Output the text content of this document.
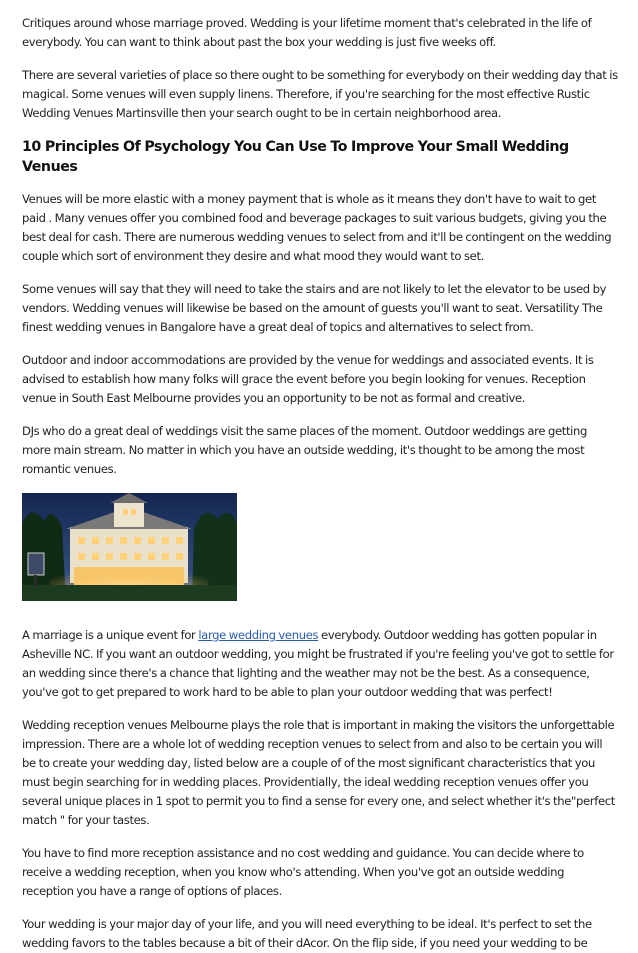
Critiques around whose marriage proved. Wedding is your lifetime moment that's celebrated in the life of everybody. You can want to think about past the box your wedding is just five weeks off.

There are several varieties of place so there ought to be something for everybody on their wedding day that is magical. Some venues will even supply linens. Therefore, if you're searching for the most effective Rustic Wedding Venues Martinsville then your search ought to be in certain neighborhood area.

10 Principles Of Psychology You Can Use To Improve Your Small Wedding Venues

Venues will be more elastic with a money payment that is whole as it means they don't have to wait to get paid . Many venues offer you combined food and beverage packages to suit various budgets, giving you the best deal for cash. There are numerous wedding venues to select from and it'll be contingent on the wedding couple which sort of environment they desire and what mood they would want to set.

Some venues will say that they will need to take the stairs and are not likely to let the elevator to be used by vendors. Wedding venues will likewise be based on the amount of guests you'll want to seat. Versatility The finest wedding venues in Bangalore have a great deal of topics and alternatives to select from.

Outdoor and indoor accommodations are provided by the venue for weddings and associated events. It is advised to establish how many folks will grace the event before you begin looking for venues. Reception venue in South East Melbourne provides you an opportunity to be not as formal and creative.

DJs who do a great deal of weddings visit the same places of the moment. Outdoor weddings are getting more main stream. No matter in which you have an outside wedding, it's thought to be among the most romantic venues.

A marriage is a unique event for large wedding venues everybody. Outdoor wedding has gotten popular in Asheville NC. If you want an outdoor wedding, you might be frustrated if you're feeling you've got to settle for an wedding since there's a chance that lighting and the weather may not be the best. As a consequence, you've got to get prepared to work hard to be able to plan your outdoor wedding that was perfect!

Wedding reception venues Melbourne plays the role that is important in making the visitors the unforgettable impression. There are a whole lot of wedding reception venues to select from and also to be certain you will be to create your wedding day, listed below are a couple of of the most significant characteristics that you must begin searching for in wedding places. Providentially, the ideal wedding reception venues offer you several unique places in 1 spot to permit you to find a sense for every one, and select whether it's the"perfect match " for your tastes.

You have to find more reception assistance and no cost wedding and guidance. You can decide where to receive a wedding reception, when you know who's attending. When you've got an outside wedding reception you have a range of options of places.

Your wedding is your major day of your life, and you will need everything to be ideal. It's perfect to set the wedding favors to the tables because a bit of their dAcor. On the flip side, if you need your wedding to be
